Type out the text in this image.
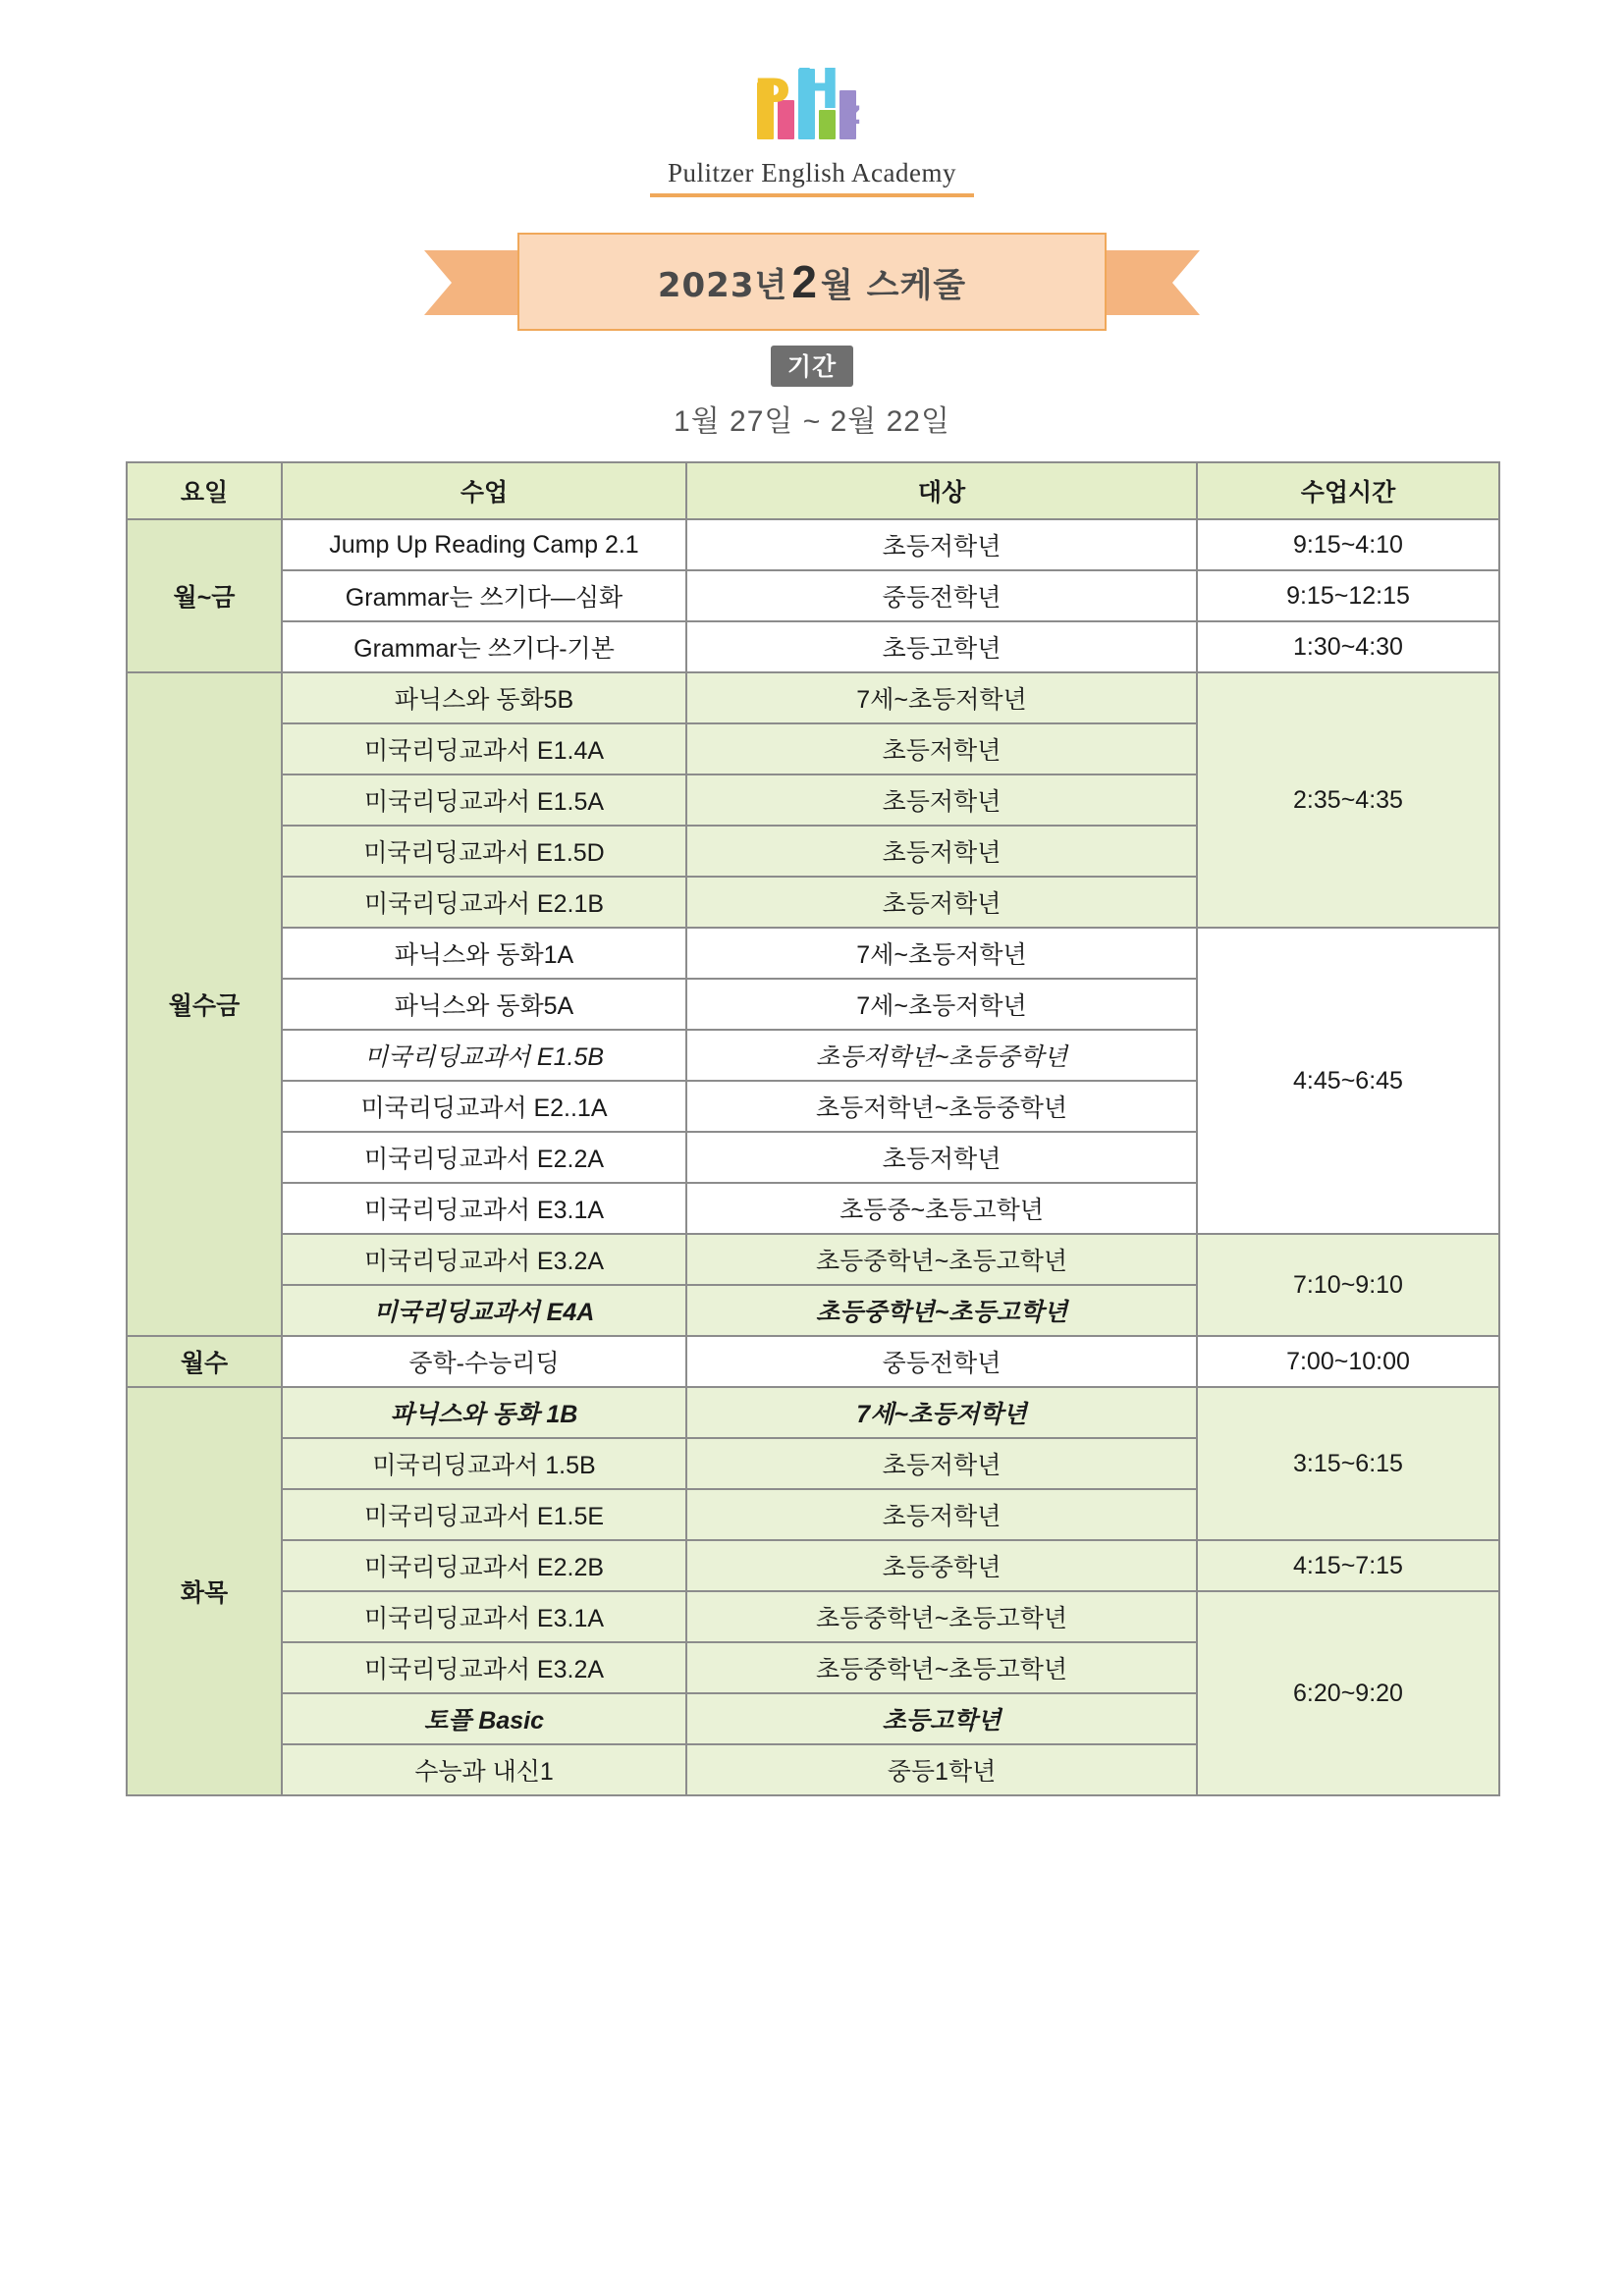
P H z
Pulitzer English Academy
2023년 2 월 스케줄
기간
1월 27일 ~ 2월 22일
요일	수업	대상	수업시간
월~금	Jump Up Reading Camp 2.1	초등저학년	9:15~4:10
	Grammar는 쓰기다—심화	중등전학년	9:15~12:15
	Grammar는 쓰기다-기본	초등고학년	1:30~4:30
월수금	파닉스와 동화5B	7세~초등저학년	2:35~4:35
	미국리딩교과서 E1.4A	초등저학년	
	미국리딩교과서 E1.5A	초등저학년	
	미국리딩교과서 E1.5D	초등저학년	
	미국리딩교과서 E2.1B	초등저학년	
	파닉스와 동화1A	7세~초등저학년	4:45~6:45
	파닉스와 동화5A	7세~초등저학년	
	미국리딩교과서 E1.5B	초등저학년~초등중학년	
	미국리딩교과서 E2..1A	초등저학년~초등중학년	
	미국리딩교과서 E2.2A	초등저학년	
	미국리딩교과서 E3.1A	초등중~초등고학년	
	미국리딩교과서 E3.2A	초등중학년~초등고학년	7:10~9:10
	미국리딩교과서 E4A	초등중학년~초등고학년	
월수	중학-수능리딩	중등전학년	7:00~10:00
화목	파닉스와 동화 1B	7세~초등저학년	3:15~6:15
	미국리딩교과서 1.5B	초등저학년	
	미국리딩교과서 E1.5E	초등저학년	
	미국리딩교과서 E2.2B	초등중학년	4:15~7:15
	미국리딩교과서 E3.1A	초등중학년~초등고학년	6:20~9:20
	미국리딩교과서 E3.2A	초등중학년~초등고학년	
	토플 Basic	초등고학년	
	수능과 내신1	중등1학년	
